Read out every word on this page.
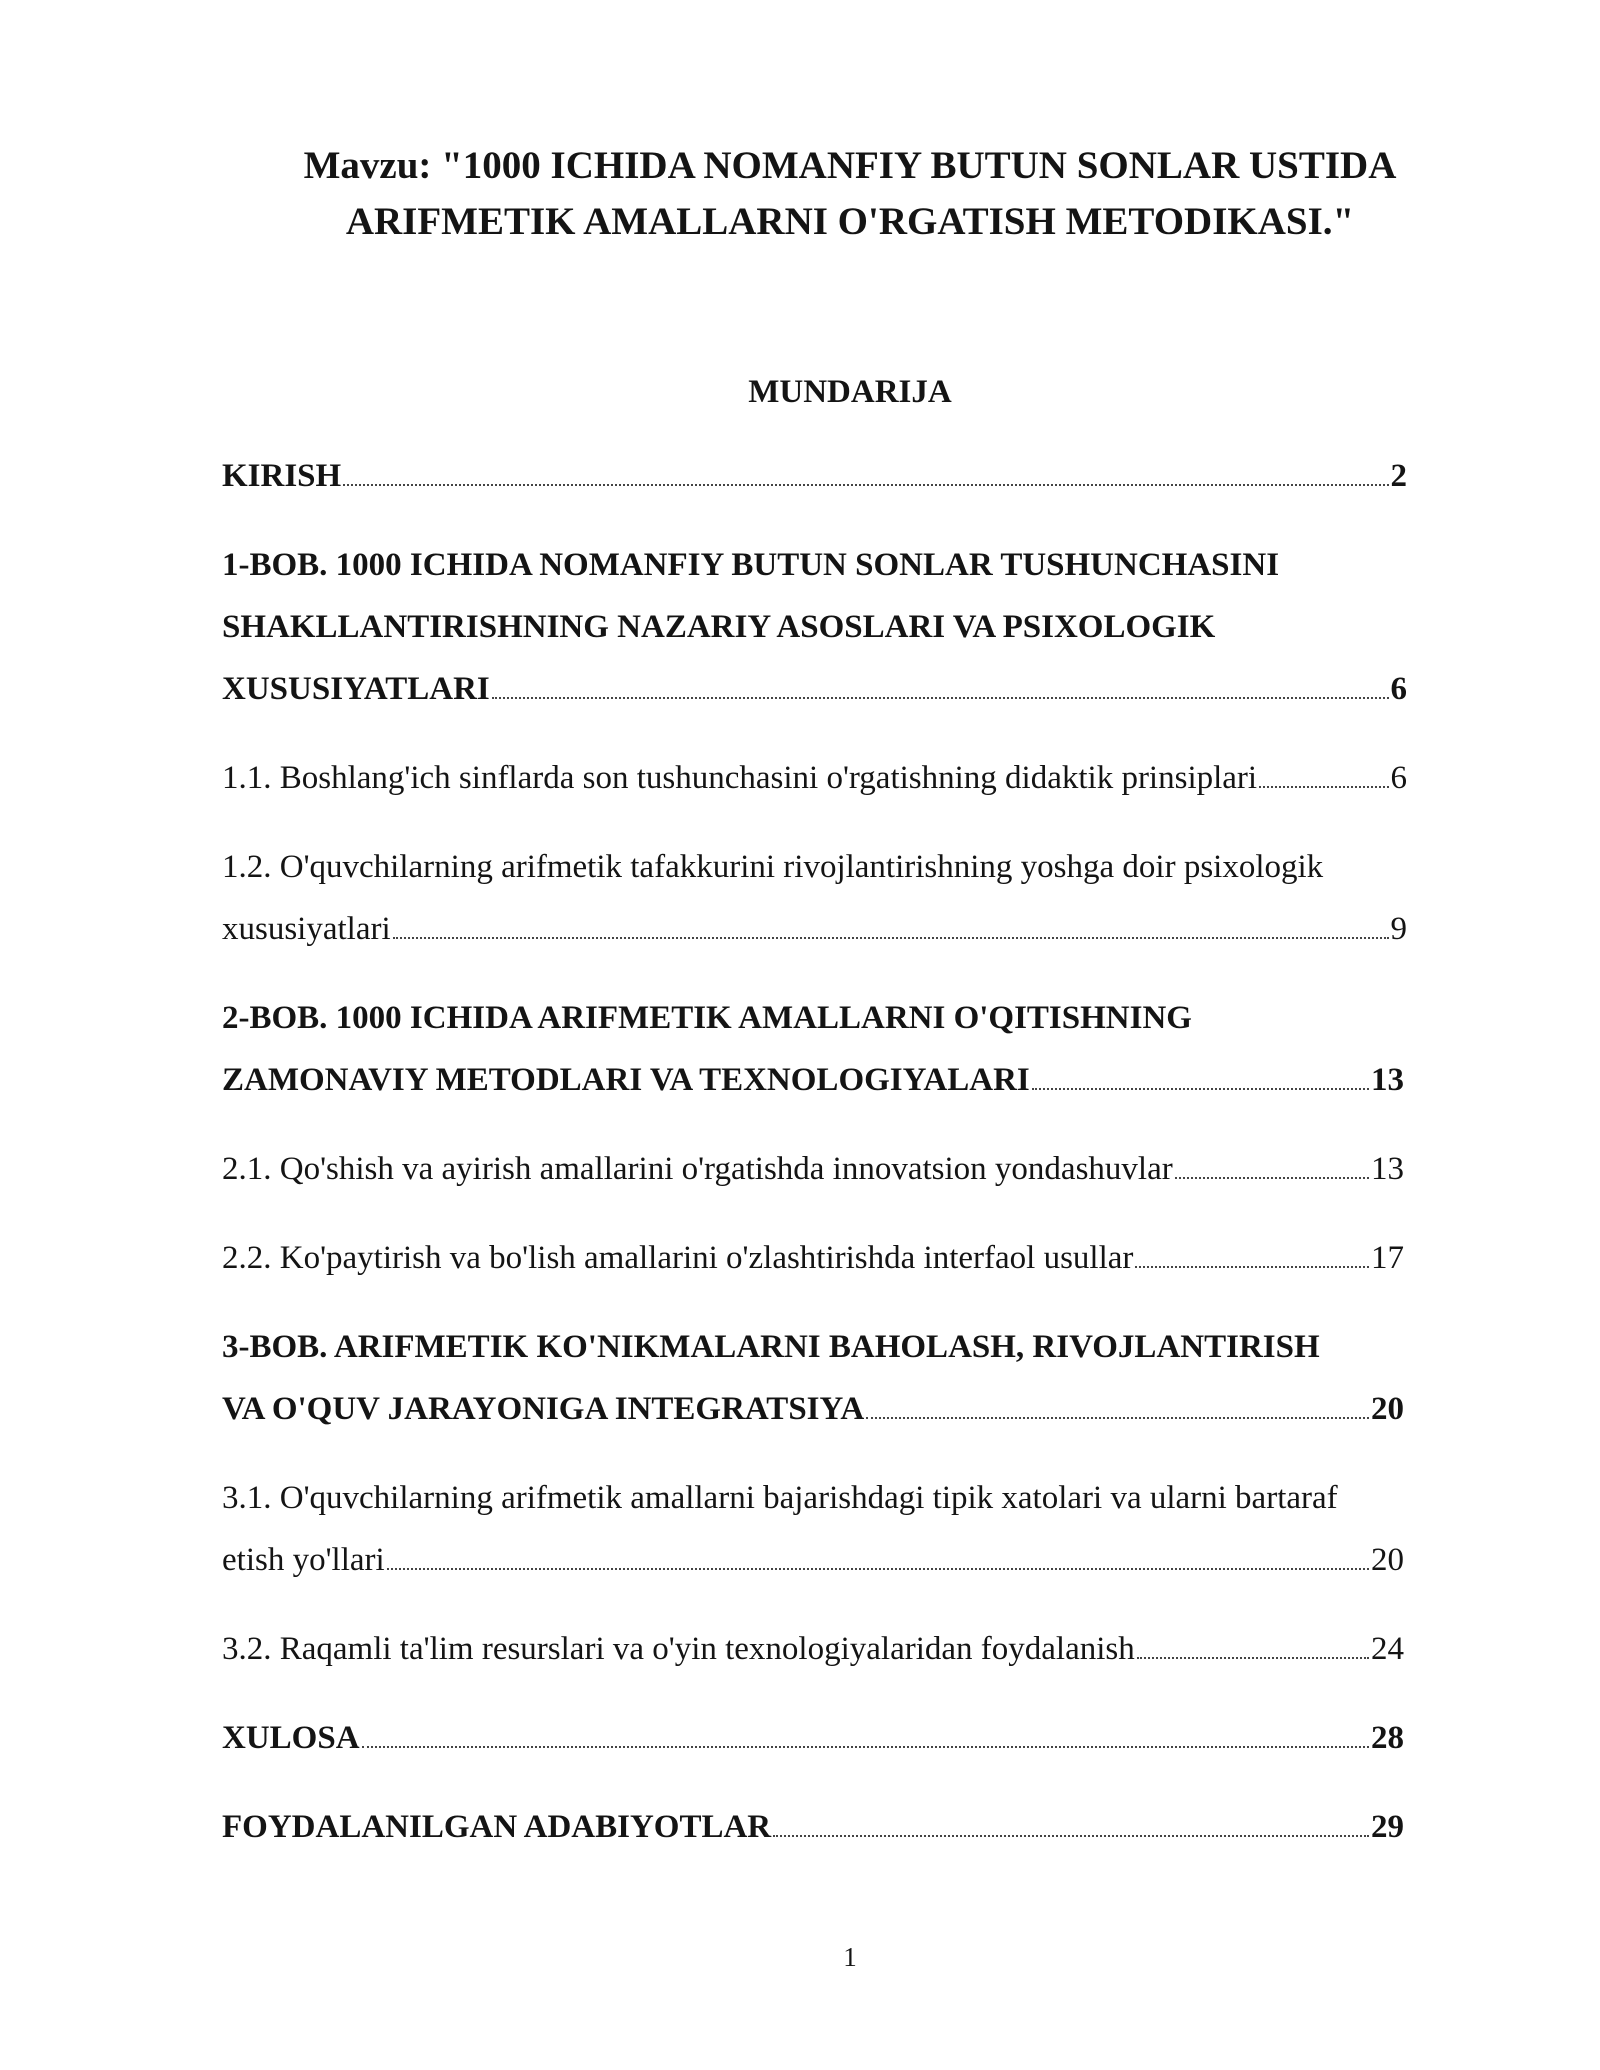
Mavzu: "1000 ICHIDA NOMANFIY BUTUN SONLAR USTIDA
ARIFMETIK AMALLARNI O'RGATISH METODIKASI."
MUNDARIJA
KIRISH	2
1-BOB. 1000 ICHIDA NOMANFIY BUTUN SONLAR TUSHUNCHASINI
SHAKLLANTIRISHNING NAZARIY ASOSLARI VA PSIXOLOGIK
XUSUSIYATLARI	6
1.1. Boshlang'ich sinflarda son tushunchasini o'rgatishning didaktik prinsiplari	6
1.2. O'quvchilarning arifmetik tafakkurini rivojlantirishning yoshga doir psixologik
xususiyatlari	9
2-BOB. 1000 ICHIDA ARIFMETIK AMALLARNI O'QITISHNING
ZAMONAVIY METODLARI VA TEXNOLOGIYALARI	13
2.1. Qo'shish va ayirish amallarini o'rgatishda innovatsion yondashuvlar	13
2.2. Ko'paytirish va bo'lish amallarini o'zlashtirishda interfaol usullar	17
3-BOB. ARIFMETIK KO'NIKMALARNI BAHOLASH, RIVOJLANTIRISH
VA O'QUV JARAYONIGA INTEGRATSIYA	20
3.1. O'quvchilarning arifmetik amallarni bajarishdagi tipik xatolari va ularni bartaraf
etish yo'llari	20
3.2. Raqamli ta'lim resurslari va o'yin texnologiyalaridan foydalanish	24
XULOSA	28
FOYDALANILGAN ADABIYOTLAR	29
1
